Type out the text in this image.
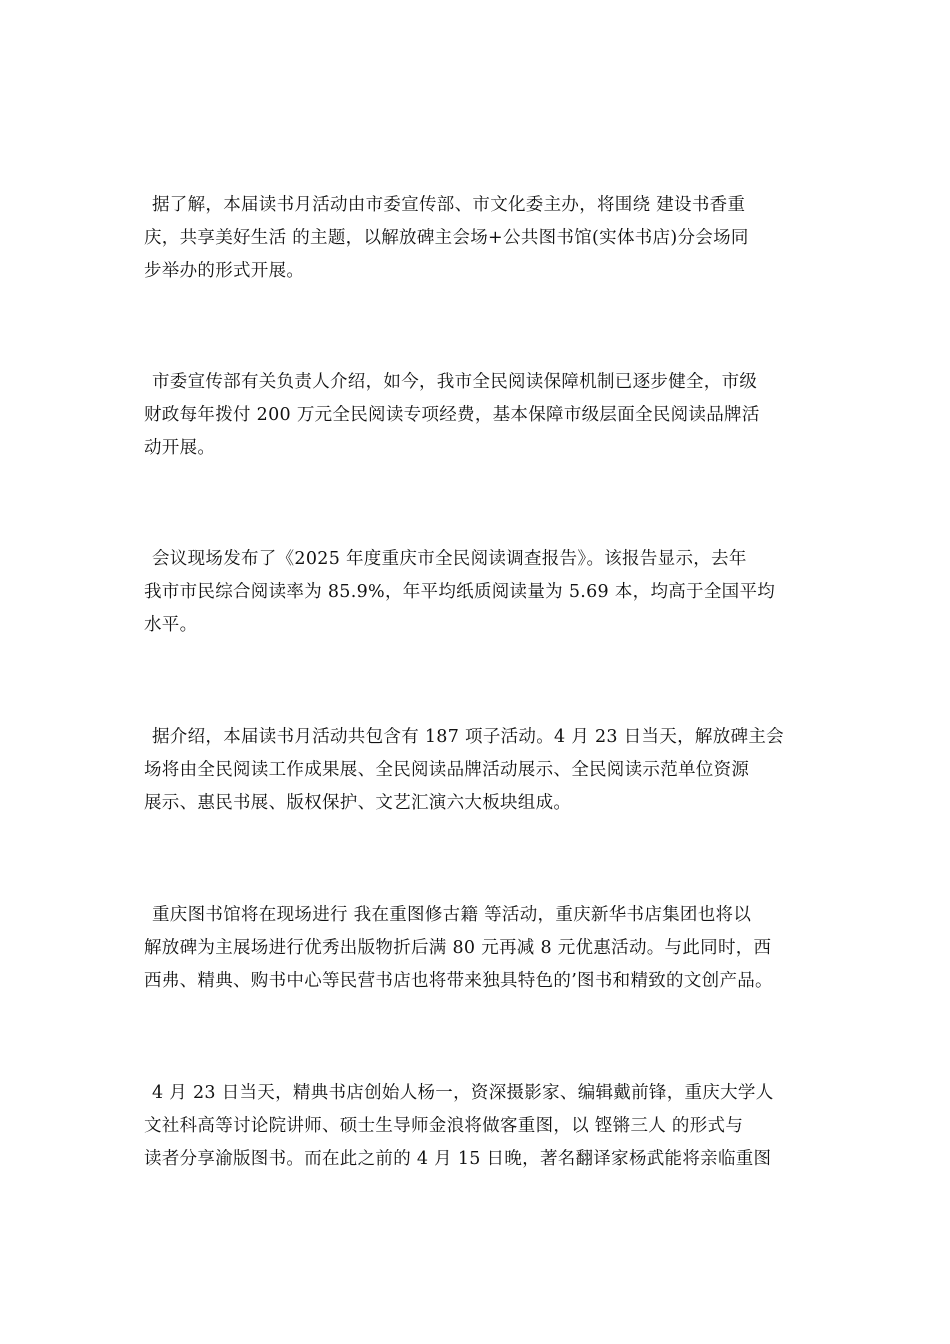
据了解，本届读书月活动由市委宣传部、市文化委主办，将围绕 建设书香重
庆，共享美好生活 的主题，以解放碑主会场+公共图书馆(实体书店)分会场同
步举办的形式开展。
市委宣传部有关负责人介绍，如今，我市全民阅读保障机制已逐步健全，市级
财政每年拨付 200 万元全民阅读专项经费，基本保障市级层面全民阅读品牌活
动开展。
会议现场发布了《2025 年度重庆市全民阅读调查报告》。该报告显示，去年
我市市民综合阅读率为 85.9%，年平均纸质阅读量为 5.69 本，均高于全国平均
水平。
据介绍，本届读书月活动共包含有 187 项子活动。4 月 23 日当天，解放碑主会
场将由全民阅读工作成果展、全民阅读品牌活动展示、全民阅读示范单位资源
展示、惠民书展、版权保护、文艺汇演六大板块组成。
重庆图书馆将在现场进行 我在重图修古籍 等活动，重庆新华书店集团也将以
解放碑为主展场进行优秀出版物折后满 80 元再减 8 元优惠活动。与此同时，西
西弗、精典、购书中心等民营书店也将带来独具特色的’图书和精致的文创产品。
4 月 23 日当天，精典书店创始人杨一，资深摄影家、编辑戴前锋，重庆大学人
文社科高等讨论院讲师、硕士生导师金浪将做客重图，以 铿锵三人 的形式与
读者分享渝版图书。而在此之前的 4 月 15 日晚，著名翻译家杨武能将亲临重图
